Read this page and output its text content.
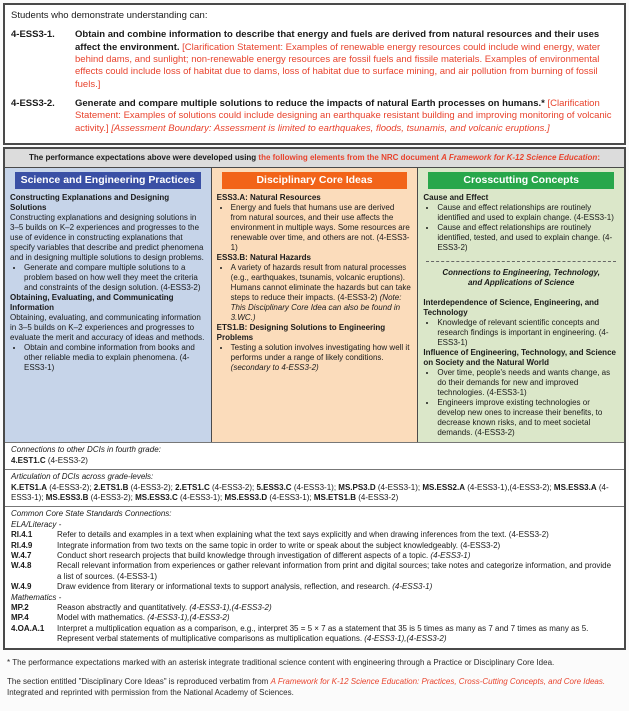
Students who demonstrate understanding can:
4-ESS3-1.	Obtain and combine information to describe that energy and fuels are derived from natural resources and their uses affect the environment. [Clarification Statement: Examples of renewable energy resources could include wind energy, water behind dams, and sunlight; non-renewable energy resources are fossil fuels and fissile materials. Examples of environmental effects could include loss of habitat due to dams, loss of habitat due to surface mining, and air pollution from burning of fossil fuels.]
4-ESS3-2.	Generate and compare multiple solutions to reduce the impacts of natural Earth processes on humans.* [Clarification Statement: Examples of solutions could include designing an earthquake resistant building and improving monitoring of volcanic activity.] [Assessment Boundary: Assessment is limited to earthquakes, floods, tsunamis, and volcanic eruptions.]
The performance expectations above were developed using the following elements from the NRC document A Framework for K-12 Science Education:
Science and Engineering Practices
Constructing Explanations and Designing Solutions
Constructing explanations and designing solutions in 3–5 builds on K–2 experiences and progresses to the use of evidence in constructing explanations that specify variables that describe and predict phenomena and in designing multiple solutions to design problems.
• Generate and compare multiple solutions to a problem based on how well they meet the criteria and constraints of the design solution. (4-ESS3-2)
Obtaining, Evaluating, and Communicating Information
Obtaining, evaluating, and communicating information in 3–5 builds on K–2 experiences and progresses to evaluate the merit and accuracy of ideas and methods.
• Obtain and combine information from books and other reliable media to explain phenomena. (4-ESS3-1)
Disciplinary Core Ideas
ESS3.A: Natural Resources
• Energy and fuels that humans use are derived from natural sources, and their use affects the environment in multiple ways. Some resources are renewable over time, and others are not. (4-ESS3-1)
ESS3.B: Natural Hazards
• A variety of hazards result from natural processes (e.g., earthquakes, tsunamis, volcanic eruptions). Humans cannot eliminate the hazards but can take steps to reduce their impacts. (4-ESS3-2) (Note: This Disciplinary Core Idea can also be found in 3.WC.)
ETS1.B: Designing Solutions to Engineering Problems
• Testing a solution involves investigating how well it performs under a range of likely conditions. (secondary to 4-ESS3-2)
Crosscutting Concepts
Cause and Effect
• Cause and effect relationships are routinely identified and used to explain change. (4-ESS3-1)
• Cause and effect relationships are routinely identified, tested, and used to explain change. (4-ESS3-2)
Connections to Engineering, Technology, and Applications of Science
Interdependence of Science, Engineering, and Technology
• Knowledge of relevant scientific concepts and research findings is important in engineering. (4-ESS3-1)
Influence of Engineering, Technology, and Science on Society and the Natural World
• Over time, people's needs and wants change, as do their demands for new and improved technologies. (4-ESS3-1)
• Engineers improve existing technologies or develop new ones to increase their benefits, to decrease known risks, and to meet societal demands. (4-ESS3-2)
Connections to other DCIs in fourth grade:
4.EST1.C (4-ESS3-2)
Articulation of DCIs across grade-levels:
K.ETS1.A (4-ESS3-2); 2.ETS1.B (4-ESS3-2); 2.ETS1.C (4-ESS3-2); 5.ESS3.C (4-ESS3-1); MS.PS3.D (4-ESS3-1); MS.ESS2.A (4-ESS3-1),(4-ESS3-2); MS.ESS3.A (4-ESS3-1); MS.ESS3.B (4-ESS3-2); MS.ESS3.C (4-ESS3-1); MS.ESS3.D (4-ESS3-1); MS.ETS1.B (4-ESS3-2)
Common Core State Standards Connections:
ELA/Literacy -
RI.4.1	Refer to details and examples in a text when explaining what the text says explicitly and when drawing inferences from the text. (4-ESS3-2)
RI.4.9	Integrate information from two texts on the same topic in order to write or speak about the subject knowledgeably. (4-ESS3-2)
W.4.7	Conduct short research projects that build knowledge through investigation of different aspects of a topic. (4-ESS3-1)
W.4.8	Recall relevant information from experiences or gather relevant information from print and digital sources; take notes and categorize information, and provide a list of sources. (4-ESS3-1)
W.4.9	Draw evidence from literary or informational texts to support analysis, reflection, and research. (4-ESS3-1)
Mathematics -
MP.2	Reason abstractly and quantitatively. (4-ESS3-1),(4-ESS3-2)
MP.4	Model with mathematics. (4-ESS3-1),(4-ESS3-2)
4.OA.A.1	Interpret a multiplication equation as a comparison, e.g., interpret 35 = 5 × 7 as a statement that 35 is 5 times as many as 7 and 7 times as many as 5. Represent verbal statements of multiplicative comparisons as multiplication equations. (4-ESS3-1),(4-ESS3-2)

* The performance expectations marked with an asterisk integrate traditional science content with engineering through a Practice or Disciplinary Core Idea.

The section entitled "Disciplinary Core Ideas" is reproduced verbatim from A Framework for K-12 Science Education: Practices, Cross-Cutting Concepts, and Core Ideas. Integrated and reprinted with permission from the National Academy of Sciences.
